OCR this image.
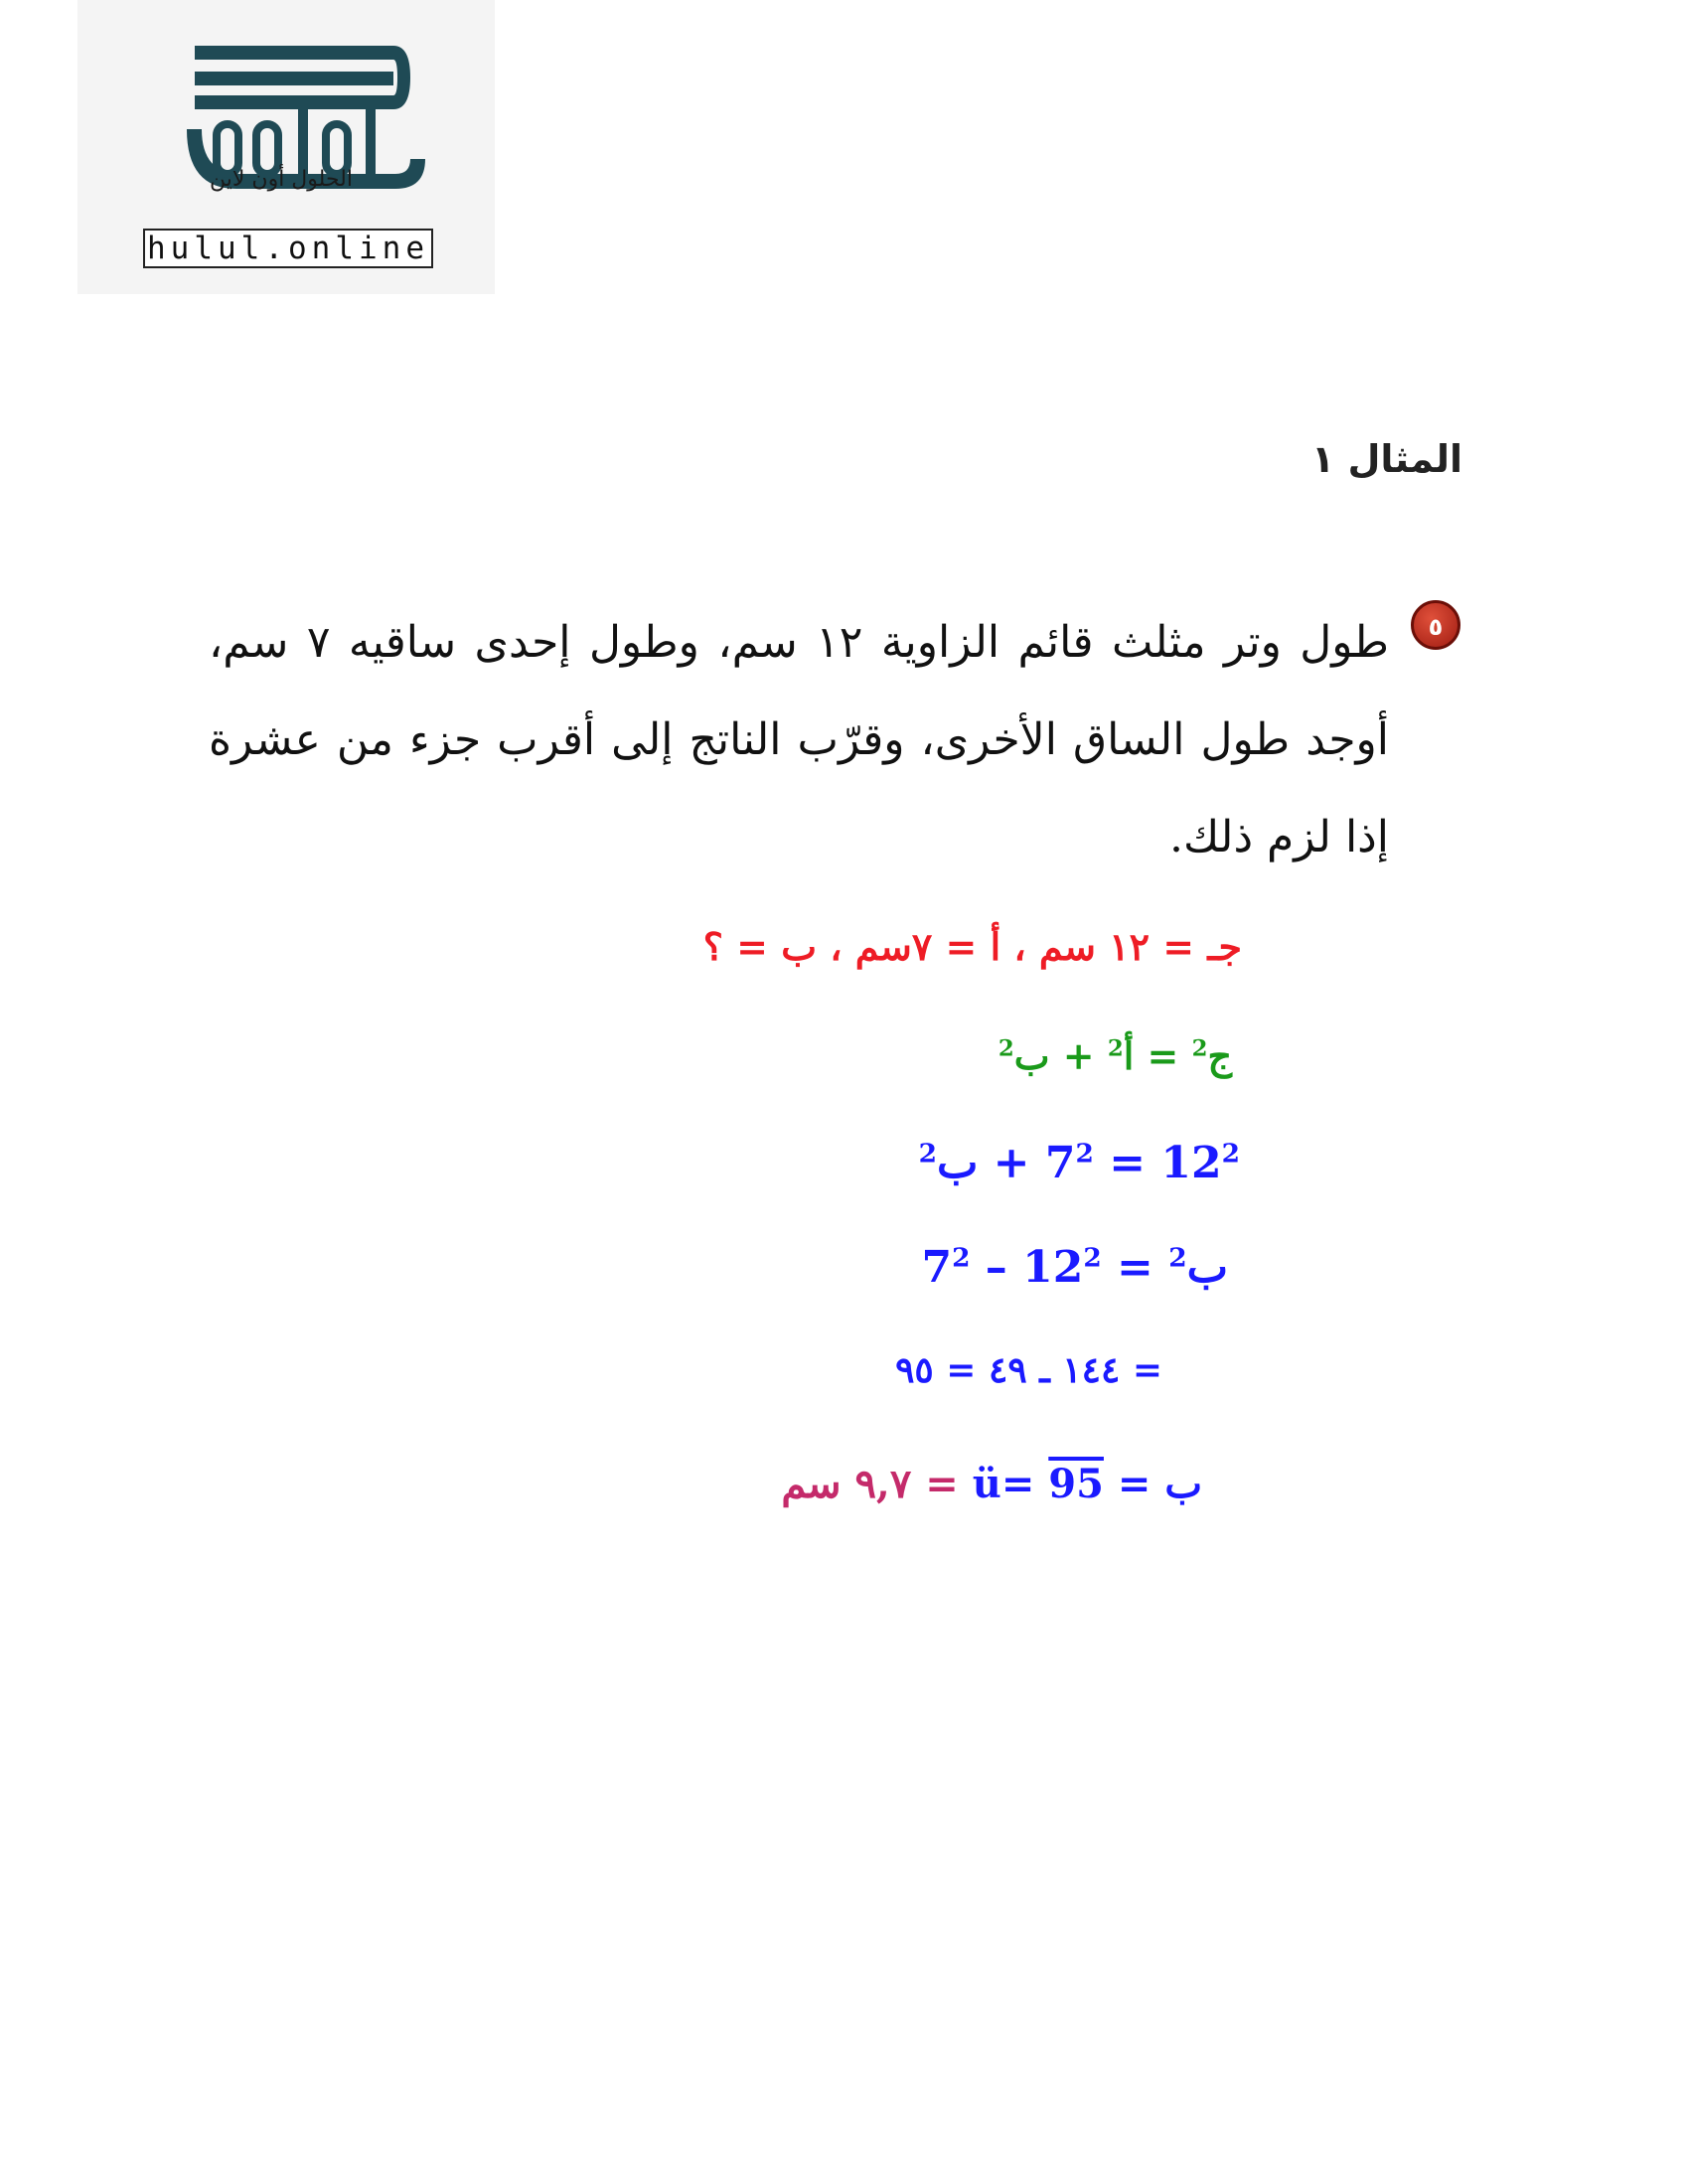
الحلول أون لاين
hulul.online
المثال ١
٥
طول وتر مثلث قائم الزاوية ١٢ سم، وطول إحدى ساقيه ٧ سم، أوجد طول الساق الأخرى، وقرّب الناتج إلى أقرب جزء من عشرة إذا لزم ذلك.
جـ = ١٢ سم ، أ = ٧سم ، ب = ؟
ج$^2$ = أ$^2$ + ب$^2$
$12^2 = 7^2$ + ب$^2$
ب$^2$ = $12^2 - 7^2$
= ١٤٤ ـ ٤٩ = ٩٥
ب = ü= 95 = ٩,٧ سم
